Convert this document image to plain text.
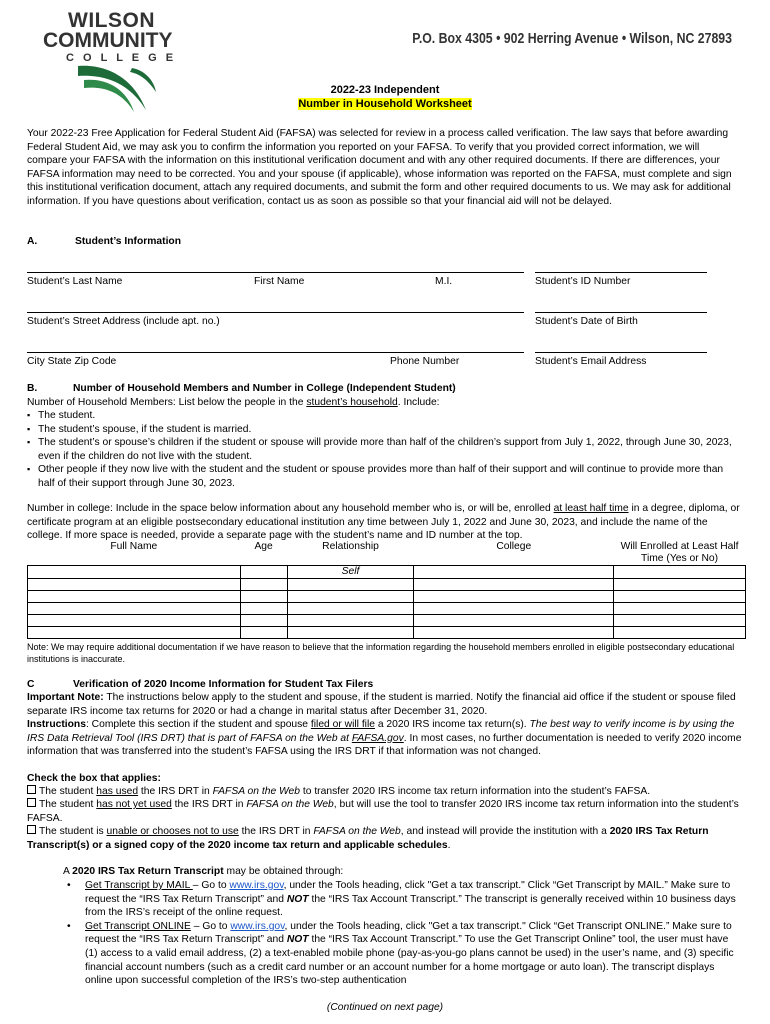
WILSON
COMMUNITY
C O L L E G E
P.O. Box 4305 • 902 Herring Avenue • Wilson, NC 27893
2022-23 Independent
Number in Household Worksheet
Your 2022-23 Free Application for Federal Student Aid (FAFSA) was selected for review in a process called verification. The law says that before awarding Federal Student Aid, we may ask you to confirm the information you reported on your FAFSA. To verify that you provided correct information, we will compare your FAFSA with the information on this institutional verification document and with any other required documents. If there are differences, your FAFSA information may need to be corrected. You and your spouse (if applicable), whose information was reported on the FAFSA, must complete and sign this institutional verification document, attach any required documents, and submit the form and other required documents to us. We may ask for additional information. If you have questions about verification, contact us as soon as possible so that your financial aid will not be delayed.
A.	Student’s Information
Student’s Last Name	First Name	M.I.	Student’s ID Number
Student’s Street Address (include apt. no.)	Student’s Date of Birth
City State Zip Code	Phone Number	Student’s Email Address
B.	Number of Household Members and Number in College (Independent Student)
Number of Household Members: List below the people in the student’s household. Include:
▪ The student.
▪ The student’s spouse, if the student is married.
▪ The student’s or spouse’s children if the student or spouse will provide more than half of the children’s support from July 1, 2022, through June 30, 2023, even if the children do not live with the student.
▪ Other people if they now live with the student and the student or spouse provides more than half of their support and will continue to provide more than half of their support through June 30, 2023.
Number in college: Include in the space below information about any household member who is, or will be, enrolled at least half time in a degree, diploma, or certificate program at an eligible postsecondary educational institution any time between July 1, 2022 and June 30, 2023, and include the name of the college. If more space is needed, provide a separate page with the student’s name and ID number at the top.
Full Name	Age	Relationship	College	Will Enrolled at Least Half Time (Yes or No)
		Self		

Note: We may require additional documentation if we have reason to believe that the information regarding the household members enrolled in eligible postsecondary educational institutions is inaccurate.
C	Verification of 2020 Income Information for Student Tax Filers
Important Note: The instructions below apply to the student and spouse, if the student is married. Notify the financial aid office if the student or spouse filed separate IRS income tax returns for 2020 or had a change in marital status after December 31, 2020.
Instructions: Complete this section if the student and spouse filed or will file a 2020 IRS income tax return(s). The best way to verify income is by using the IRS Data Retrieval Tool (IRS DRT) that is part of FAFSA on the Web at FAFSA.gov. In most cases, no further documentation is needed to verify 2020 income information that was transferred into the student’s FAFSA using the IRS DRT if that information was not changed.
Check the box that applies:
The student has used the IRS DRT in FAFSA on the Web to transfer 2020 IRS income tax return information into the student’s FAFSA.
The student has not yet used the IRS DRT in FAFSA on the Web, but will use the tool to transfer 2020 IRS income tax return information into the student’s FAFSA.
The student is unable or chooses not to use the IRS DRT in FAFSA on the Web, and instead will provide the institution with a 2020 IRS Tax Return Transcript(s) or a signed copy of the 2020 income tax return and applicable schedules.
A 2020 IRS Tax Return Transcript may be obtained through:
• Get Transcript by MAIL – Go to www.irs.gov, under the Tools heading, click "Get a tax transcript." Click “Get Transcript by MAIL.” Make sure to request the “IRS Tax Return Transcript” and NOT the “IRS Tax Account Transcript.” The transcript is generally received within 10 business days from the IRS’s receipt of the online request.
• Get Transcript ONLINE – Go to www.irs.gov, under the Tools heading, click "Get a tax transcript." Click “Get Transcript ONLINE.” Make sure to request the “IRS Tax Return Transcript” and NOT the “IRS Tax Account Transcript.” To use the Get Transcript Online” tool, the user must have (1) access to a valid email address, (2) a text-enabled mobile phone (pay-as-you-go plans cannot be used) in the user’s name, and (3) specific financial account numbers (such as a credit card number or an account number for a home mortgage or auto loan). The transcript displays online upon successful completion of the IRS’s two-step authentication
(Continued on next page)
